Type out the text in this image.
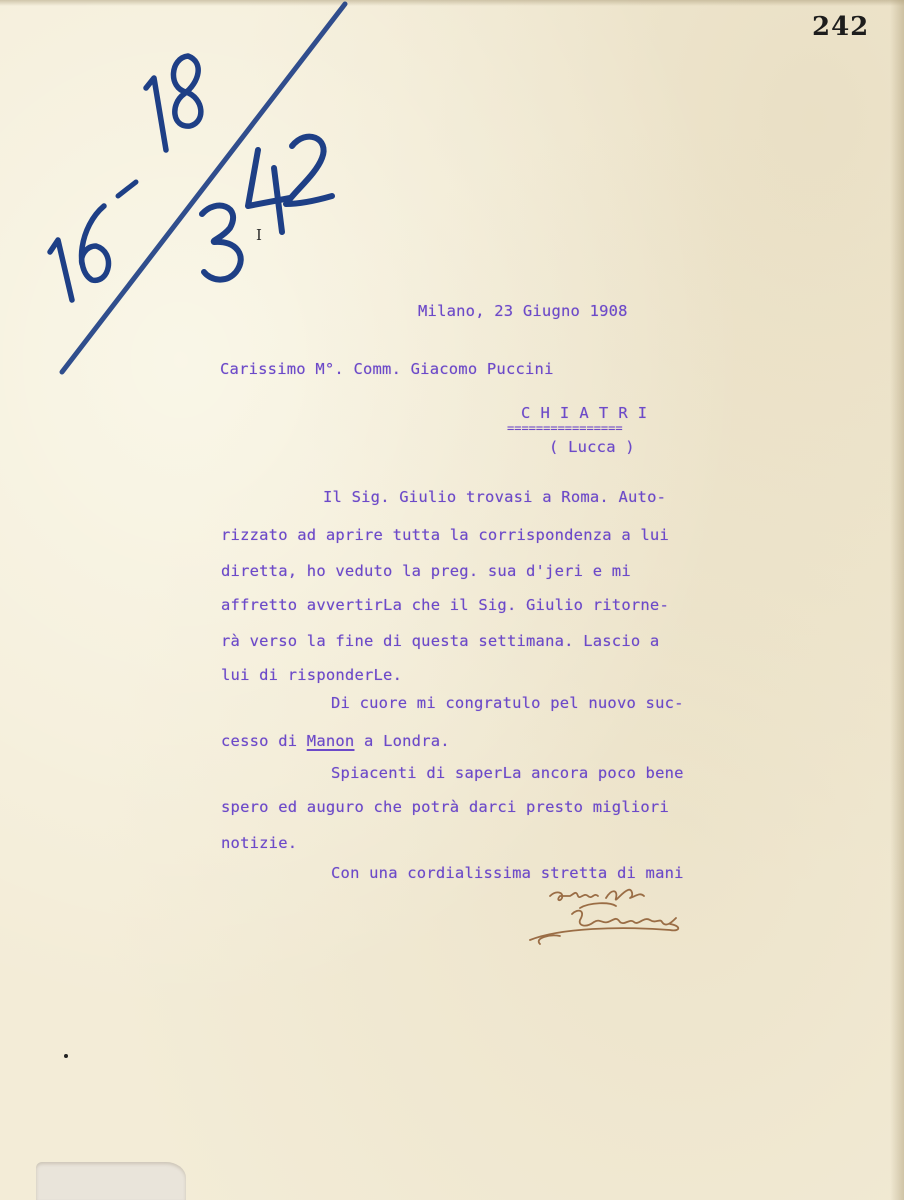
I
242
Milano, 23 Giugno 1908
Carissimo M°. Comm. Giacomo Puccini
C H I A T R I
================
( Lucca )
Il Sig. Giulio trovasi a Roma. Auto-
rizzato ad aprire tutta la corrispondenza a lui
diretta, ho veduto la preg. sua d'jeri e mi
affretto avvertirLa che il Sig. Giulio ritorne-
rà verso la fine di questa settimana. Lascio a
lui di risponderLe.
Di cuore mi congratulo pel nuovo suc-
cesso di Manon a Londra.
Spiacenti di saperLa ancora poco bene
spero ed auguro che potrà darci presto migliori
notizie.
Con una cordialissima stretta di mani
